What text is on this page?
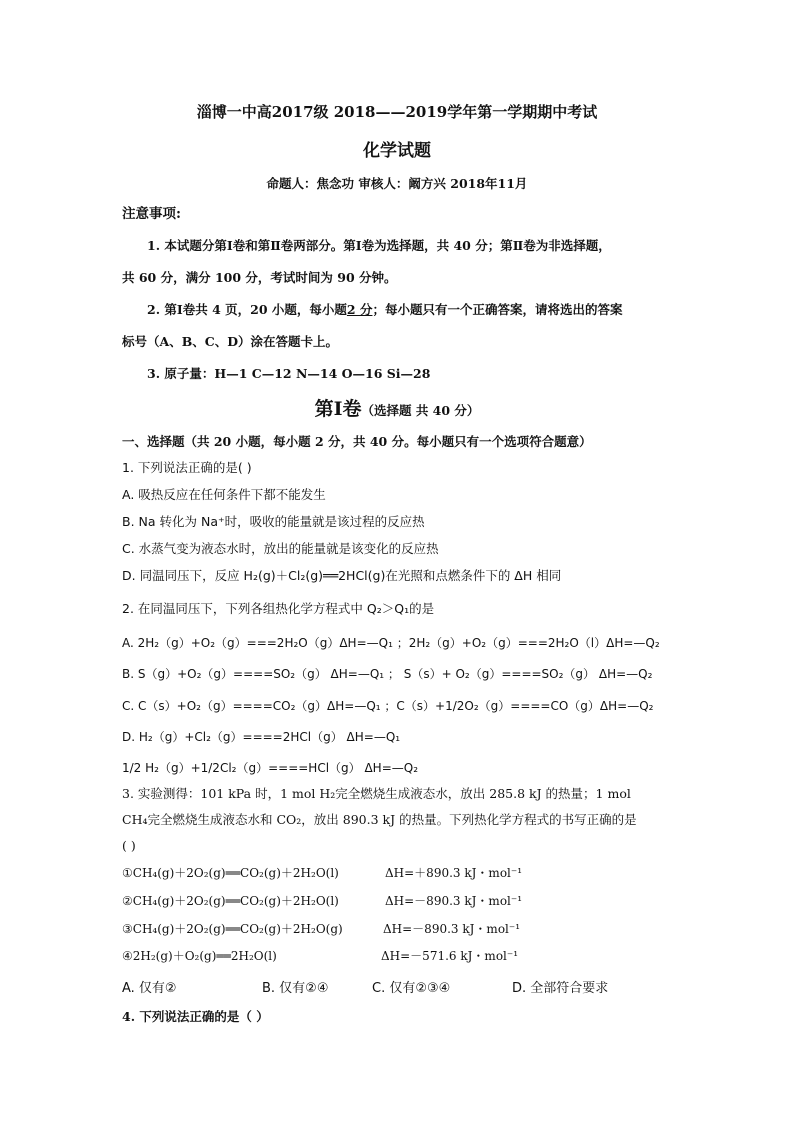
淄博一中高2017级 2018——2019学年第一学期期中考试
化学试题
命题人：焦念功 审核人：阚方兴 2018年11月
注意事项:
1. 本试题分第Ⅰ卷和第Ⅱ卷两部分。第Ⅰ卷为选择题，共 40 分；第Ⅱ卷为非选择题，
共 60 分，满分 100 分，考试时间为 90 分钟。
2. 第Ⅰ卷共 4 页，20 小题，每小题2 分；每小题只有一个正确答案，请将选出的答案
标号（A、B、C、D）涂在答题卡上。
3. 原子量：H—1 C—12 N—14 O—16 Si—28
第Ⅰ卷（选择题 共 40 分）
一、选择题（共 20 小题，每小题 2 分，共 40 分。每小题只有一个选项符合题意）
1. 下列说法正确的是( )
A. 吸热反应在任何条件下都不能发生
B. Na 转化为 Na⁺时，吸收的能量就是该过程的反应热
C. 水蒸气变为液态水时，放出的能量就是该变化的反应热
D. 同温同压下，反应 H₂(g)＋Cl₂(g)══2HCl(g)在光照和点燃条件下的 ΔH 相同
2. 在同温同压下，下列各组热化学方程式中 Q₂＞Q₁的是
A. 2H₂（g）+O₂（g）===2H₂O（g）ΔH=—Q₁ ；2H₂（g）+O₂（g）===2H₂O（l）ΔH=—Q₂
B. S（g）+O₂（g）====SO₂（g） ΔH=—Q₁ ； S（s）+ O₂（g）====SO₂（g） ΔH=—Q₂
C. C（s）+O₂（g）====CO₂（g）ΔH=—Q₁ ；C（s）+1/2O₂（g）====CO（g）ΔH=—Q₂
D. H₂（g）+Cl₂（g）====2HCl（g） ΔH=—Q₁
1/2 H₂（g）+1/2Cl₂（g）====HCl（g） ΔH=—Q₂
3. 实验测得：101 kPa 时，1 mol H₂完全燃烧生成液态水，放出 285.8 kJ 的热量；1 mol
CH₄完全燃烧生成液态水和 CO₂，放出 890.3 kJ 的热量。下列热化学方程式的书写正确的是
( )
①CH₄(g)＋2O₂(g)══CO₂(g)＋2H₂O(l)	ΔH=＋890.3 kJ・mol⁻¹
②CH₄(g)＋2O₂(g)══CO₂(g)＋2H₂O(l)	ΔH=－890.3 kJ・mol⁻¹
③CH₄(g)＋2O₂(g)══CO₂(g)＋2H₂O(g)	ΔH=－890.3 kJ・mol⁻¹
④2H₂(g)＋O₂(g)══2H₂O(l)	ΔH=－571.6 kJ・mol⁻¹
A. 仅有②	B. 仅有②④	C. 仅有②③④	D. 全部符合要求
4. 下列说法正确的是（ ）
